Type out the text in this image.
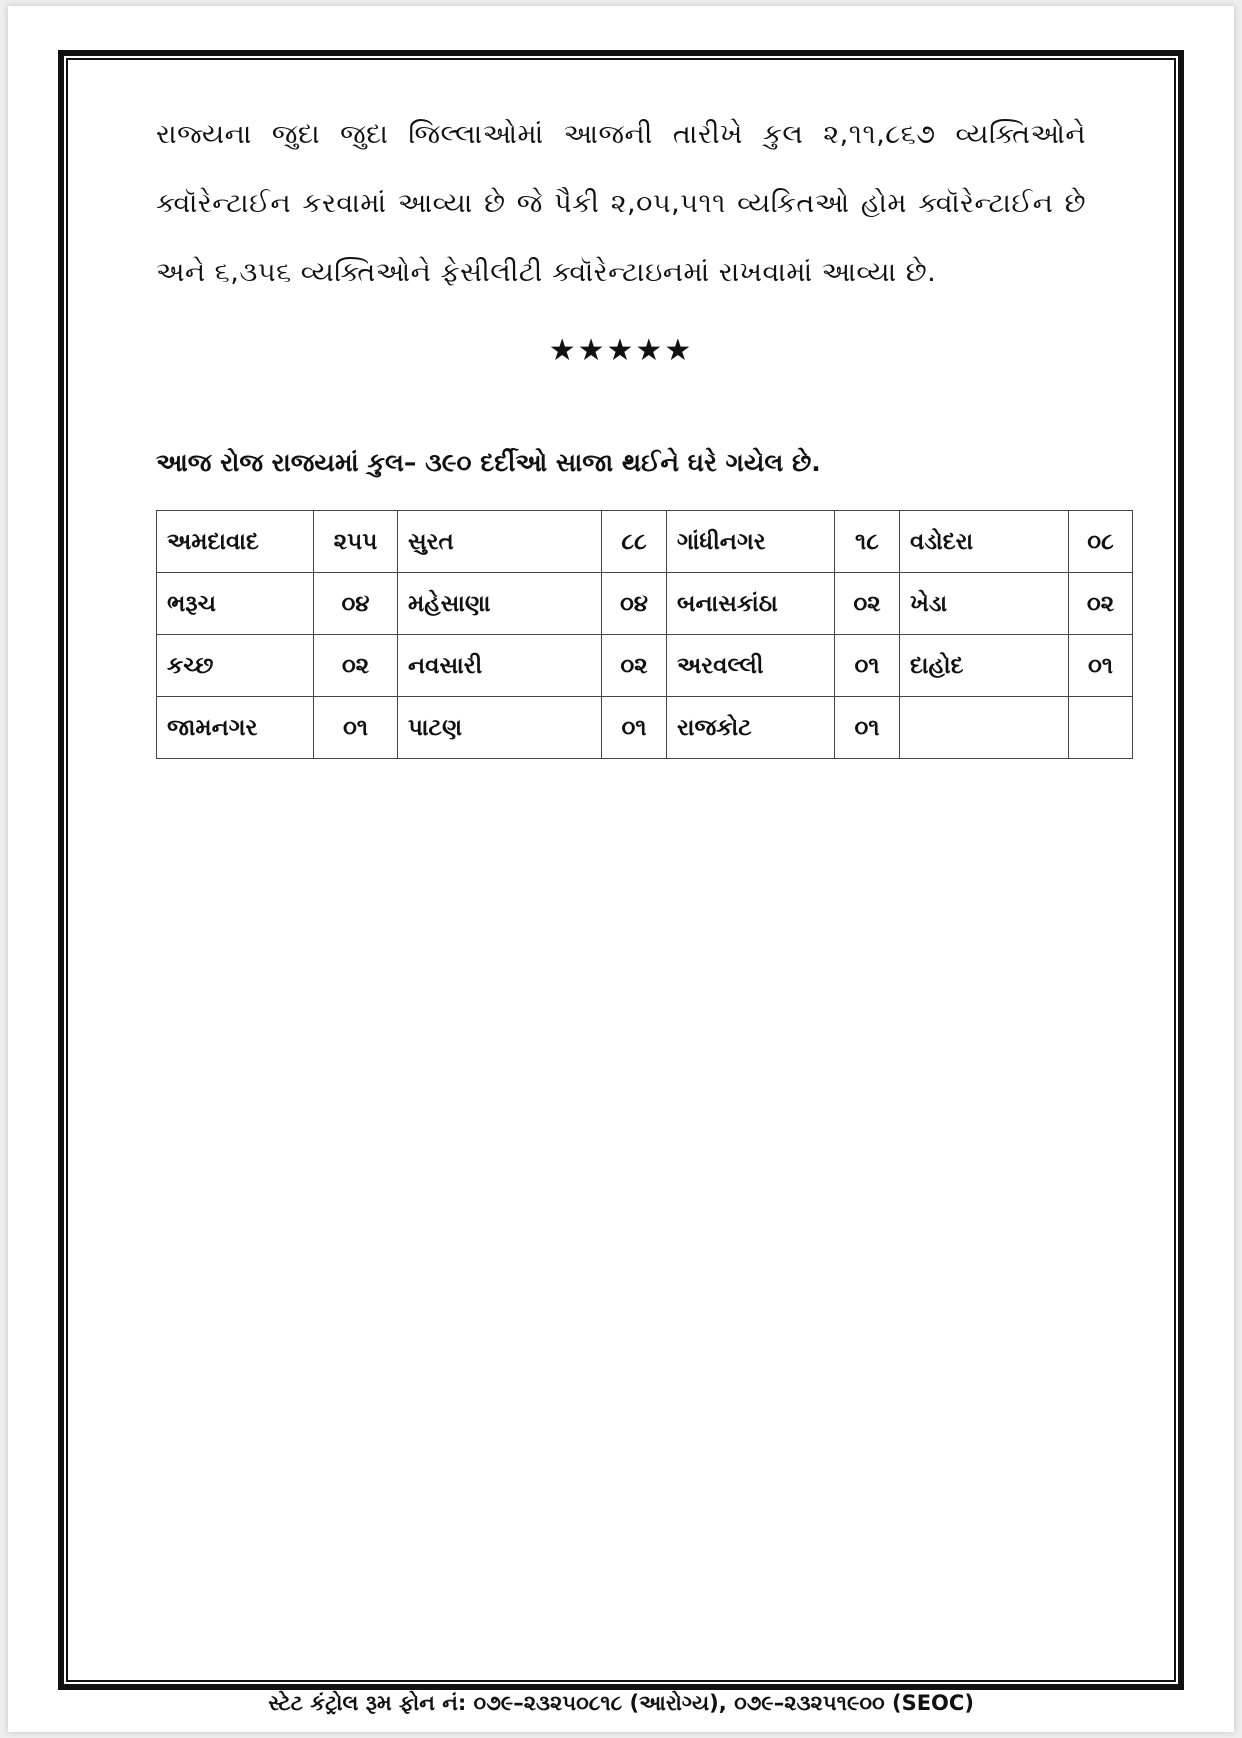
રાજ્યના જુદા જુદા જિલ્લાઓમાં આજની તારીખે કુલ ૨,૧૧,૮૬૭ વ્યક્તિઓને ક્વૉરેન્ટાઈન કરવામાં આવ્યા છે જે પૈકી ૨,૦૫,૫૧૧ વ્યકિતઓ હોમ ક્વૉરેન્ટાઈન છે અને ૬,૩૫૬ વ્યક્તિઓને ફેસીલીટી ક્વૉરેન્ટાઇનમાં રાખવામાં આવ્યા છે.
★★★★★
આજ રોજ રાજયમાં કુલ– ૩૯૦ દર્દીઓ સાજા થઈને ઘરે ગયેલ છે.
અમદાવાદ	૨૫૫	સુરત	૮૮	ગાંધીનગર	૧૮	વડોદરા	૦૮
ભરૂચ	૦૪	મહેસાણા	૦૪	બનાસકાંઠા	૦૨	ખેડા	૦૨
કચ્છ	૦૨	નવસારી	૦૨	અરવલ્લી	૦૧	દાહોદ	૦૧
જામનગર	૦૧	પાટણ	૦૧	રાજકોટ	૦૧		
સ્ટેટ કંટ્રોલ રૂમ ફોન નં: ૦૭૯–૨૩૨૫૦૮૧૮ (આરોગ્ય), ૦૭૯–૨૩૨૫૧૯૦૦ (SEOC)
